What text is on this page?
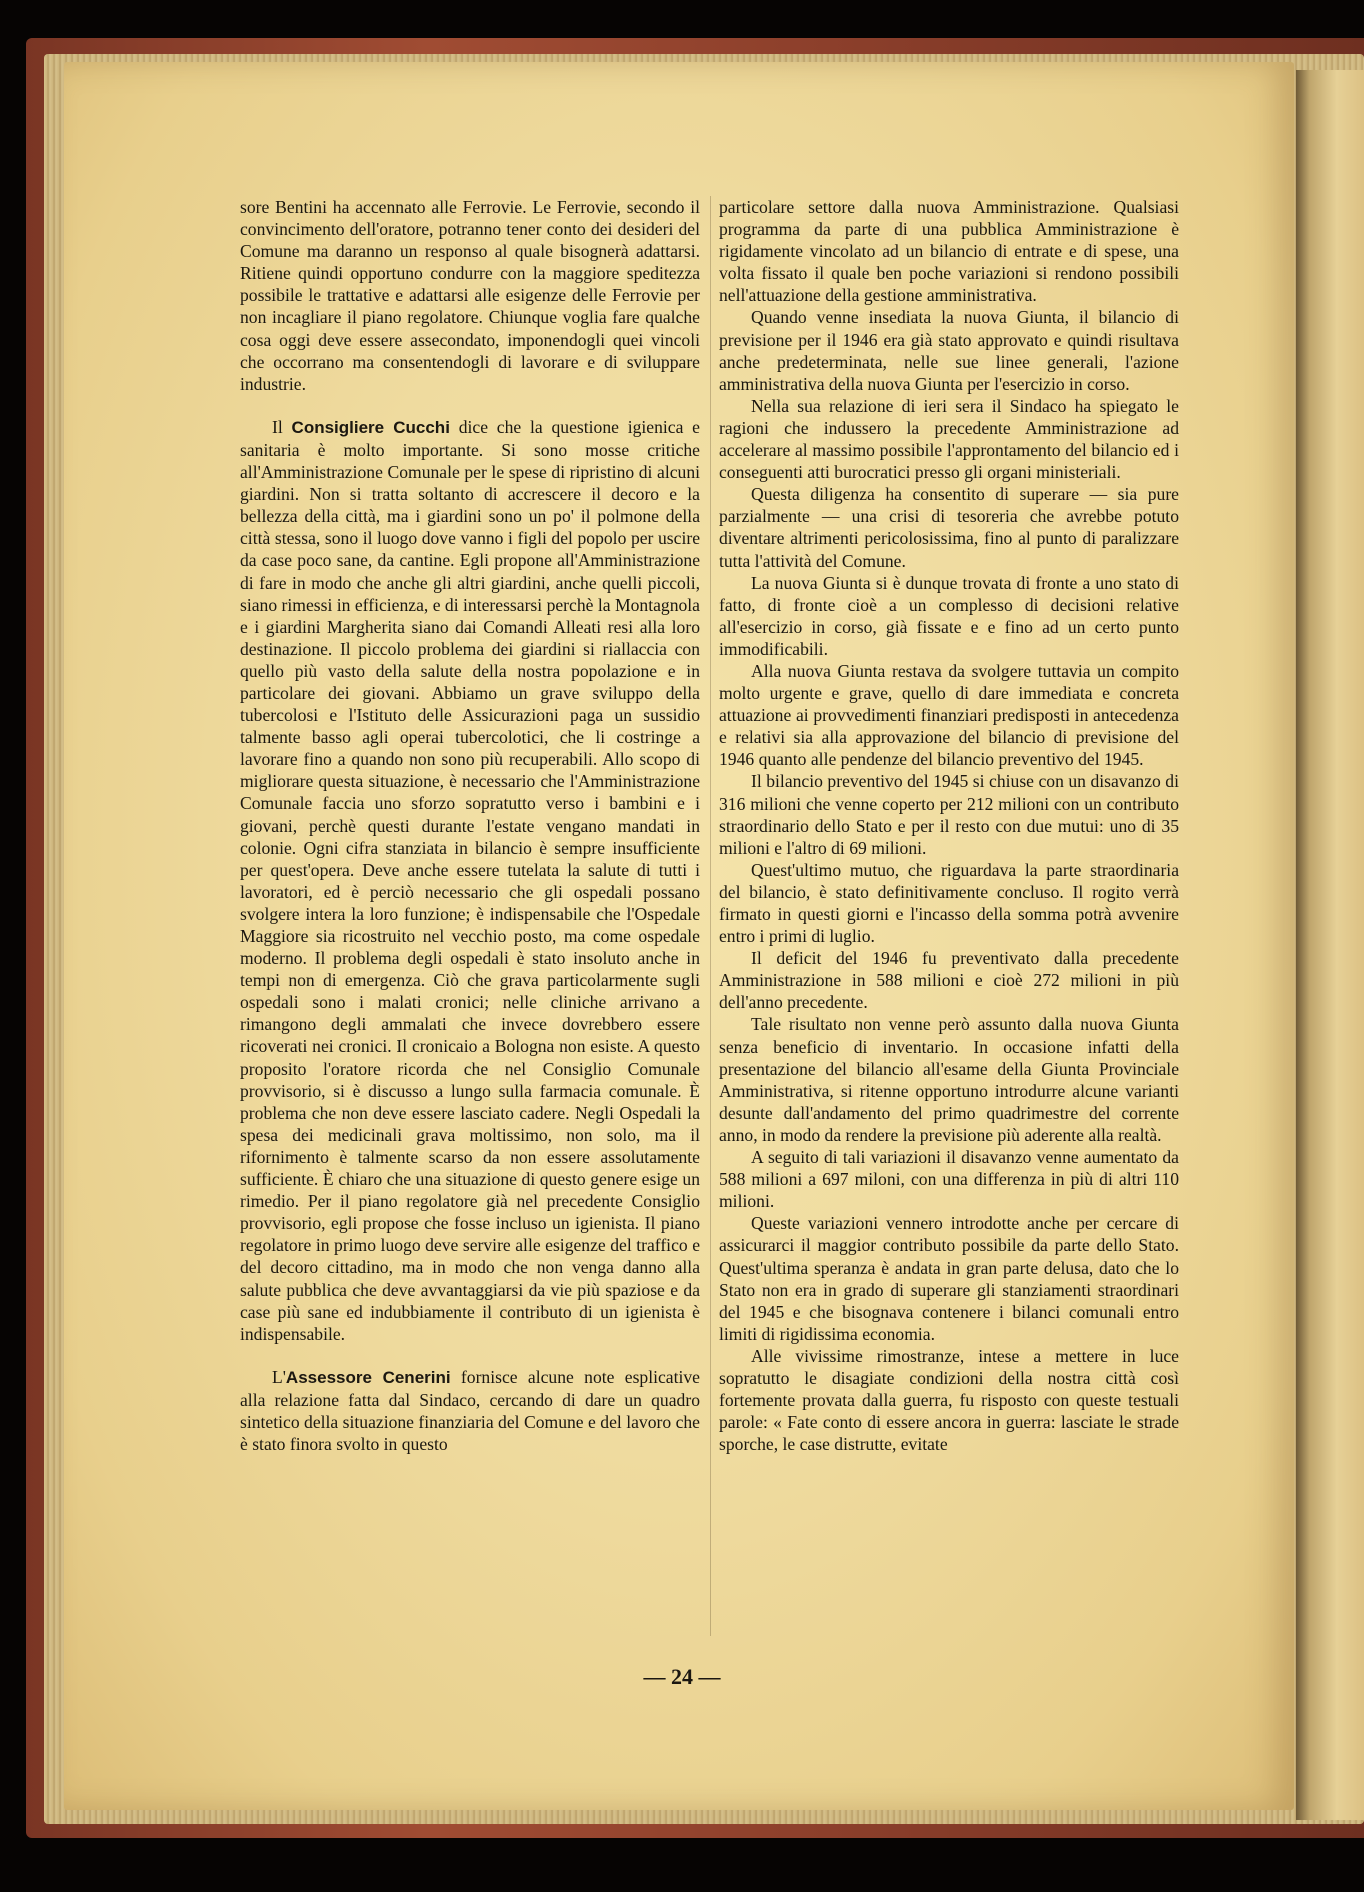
sore Bentini ha accennato alle Ferrovie. Le Ferrovie, secondo il convincimento dell'oratore, potranno tener conto dei desideri del Comune ma daranno un responso al quale bisognerà adattarsi. Ritiene quindi opportuno condurre con la maggiore speditezza possibile le trattative e adattarsi alle esigenze delle Ferrovie per non incagliare il piano regolatore. Chiunque voglia fare qualche cosa oggi deve essere assecondato, imponendogli quei vincoli che occorrano ma consentendogli di lavorare e di sviluppare industrie.

Il Consigliere Cucchi dice che la questione igienica e sanitaria è molto importante. Si sono mosse critiche all'Amministrazione Comunale per le spese di ripristino di alcuni giardini. Non si tratta soltanto di accrescere il decoro e la bellezza della città, ma i giardini sono un po' il polmone della città stessa, sono il luogo dove vanno i figli del popolo per uscire da case poco sane, da cantine. Egli propone all'Amministrazione di fare in modo che anche gli altri giardini, anche quelli piccoli, siano rimessi in efficienza, e di interessarsi perchè la Montagnola e i giardini Margherita siano dai Comandi Alleati resi alla loro destinazione. Il piccolo problema dei giardini si riallaccia con quello più vasto della salute della nostra popolazione e in particolare dei giovani. Abbiamo un grave sviluppo della tubercolosi e l'Istituto delle Assicurazioni paga un sussidio talmente basso agli operai tubercolotici, che li costringe a lavorare fino a quando non sono più recuperabili. Allo scopo di migliorare questa situazione, è necessario che l'Amministrazione Comunale faccia uno sforzo sopratutto verso i bambini e i giovani, perchè questi durante l'estate vengano mandati in colonie. Ogni cifra stanziata in bilancio è sempre insufficiente per quest'opera. Deve anche essere tutelata la salute di tutti i lavoratori, ed è perciò necessario che gli ospedali possano svolgere intera la loro funzione; è indispensabile che l'Ospedale Maggiore sia ricostruito nel vecchio posto, ma come ospedale moderno. Il problema degli ospedali è stato insoluto anche in tempi non di emergenza. Ciò che grava particolarmente sugli ospedali sono i malati cronici; nelle cliniche arrivano a rimangono degli ammalati che invece dovrebbero essere ricoverati nei cronici. Il cronicaio a Bologna non esiste. A questo proposito l'oratore ricorda che nel Consiglio Comunale provvisorio, si è discusso a lungo sulla farmacia comunale. È problema che non deve essere lasciato cadere. Negli Ospedali la spesa dei medicinali grava moltissimo, non solo, ma il rifornimento è talmente scarso da non essere assolutamente sufficiente. È chiaro che una situazione di questo genere esige un rimedio. Per il piano regolatore già nel precedente Consiglio provvisorio, egli propose che fosse incluso un igienista. Il piano regolatore in primo luogo deve servire alle esigenze del traffico e del decoro cittadino, ma in modo che non venga danno alla salute pubblica che deve avvantaggiarsi da vie più spaziose e da case più sane ed indubbiamente il contributo di un igienista è indispensabile.

L'Assessore Cenerini fornisce alcune note esplicative alla relazione fatta dal Sindaco, cercando di dare un quadro sintetico della situazione finanziaria del Comune e del lavoro che è stato finora svolto in questo

particolare settore dalla nuova Amministrazione. Qualsiasi programma da parte di una pubblica Amministrazione è rigidamente vincolato ad un bilancio di entrate e di spese, una volta fissato il quale ben poche variazioni si rendono possibili nell'attuazione della gestione amministrativa.

Quando venne insediata la nuova Giunta, il bilancio di previsione per il 1946 era già stato approvato e quindi risultava anche predeterminata, nelle sue linee generali, l'azione amministrativa della nuova Giunta per l'esercizio in corso.

Nella sua relazione di ieri sera il Sindaco ha spiegato le ragioni che indussero la precedente Amministrazione ad accelerare al massimo possibile l'approntamento del bilancio ed i conseguenti atti burocratici presso gli organi ministeriali.

Questa diligenza ha consentito di superare — sia pure parzialmente — una crisi di tesoreria che avrebbe potuto diventare altrimenti pericolosissima, fino al punto di paralizzare tutta l'attività del Comune.

La nuova Giunta si è dunque trovata di fronte a uno stato di fatto, di fronte cioè a un complesso di decisioni relative all'esercizio in corso, già fissate e e fino ad un certo punto immodificabili.

Alla nuova Giunta restava da svolgere tuttavia un compito molto urgente e grave, quello di dare immediata e concreta attuazione ai provvedimenti finanziari predisposti in antecedenza e relativi sia alla approvazione del bilancio di previsione del 1946 quanto alle pendenze del bilancio preventivo del 1945.

Il bilancio preventivo del 1945 si chiuse con un disavanzo di 316 milioni che venne coperto per 212 milioni con un contributo straordinario dello Stato e per il resto con due mutui: uno di 35 milioni e l'altro di 69 milioni.

Quest'ultimo mutuo, che riguardava la parte straordinaria del bilancio, è stato definitivamente concluso. Il rogito verrà firmato in questi giorni e l'incasso della somma potrà avvenire entro i primi di luglio.

Il deficit del 1946 fu preventivato dalla precedente Amministrazione in 588 milioni e cioè 272 milioni in più dell'anno precedente.

Tale risultato non venne però assunto dalla nuova Giunta senza beneficio di inventario. In occasione infatti della presentazione del bilancio all'esame della Giunta Provinciale Amministrativa, si ritenne opportuno introdurre alcune varianti desunte dall'andamento del primo quadrimestre del corrente anno, in modo da rendere la previsione più aderente alla realtà.

A seguito di tali variazioni il disavanzo venne aumentato da 588 milioni a 697 miloni, con una differenza in più di altri 110 milioni.

Queste variazioni vennero introdotte anche per cercare di assicurarci il maggior contributo possibile da parte dello Stato. Quest'ultima speranza è andata in gran parte delusa, dato che lo Stato non era in grado di superare gli stanziamenti straordinari del 1945 e che bisognava contenere i bilanci comunali entro limiti di rigidissima economia.

Alle vivissime rimostranze, intese a mettere in luce sopratutto le disagiate condizioni della nostra città così fortemente provata dalla guerra, fu risposto con queste testuali parole: « Fate conto di essere ancora in guerra: lasciate le strade sporche, le case distrutte, evitate

— 24 —
